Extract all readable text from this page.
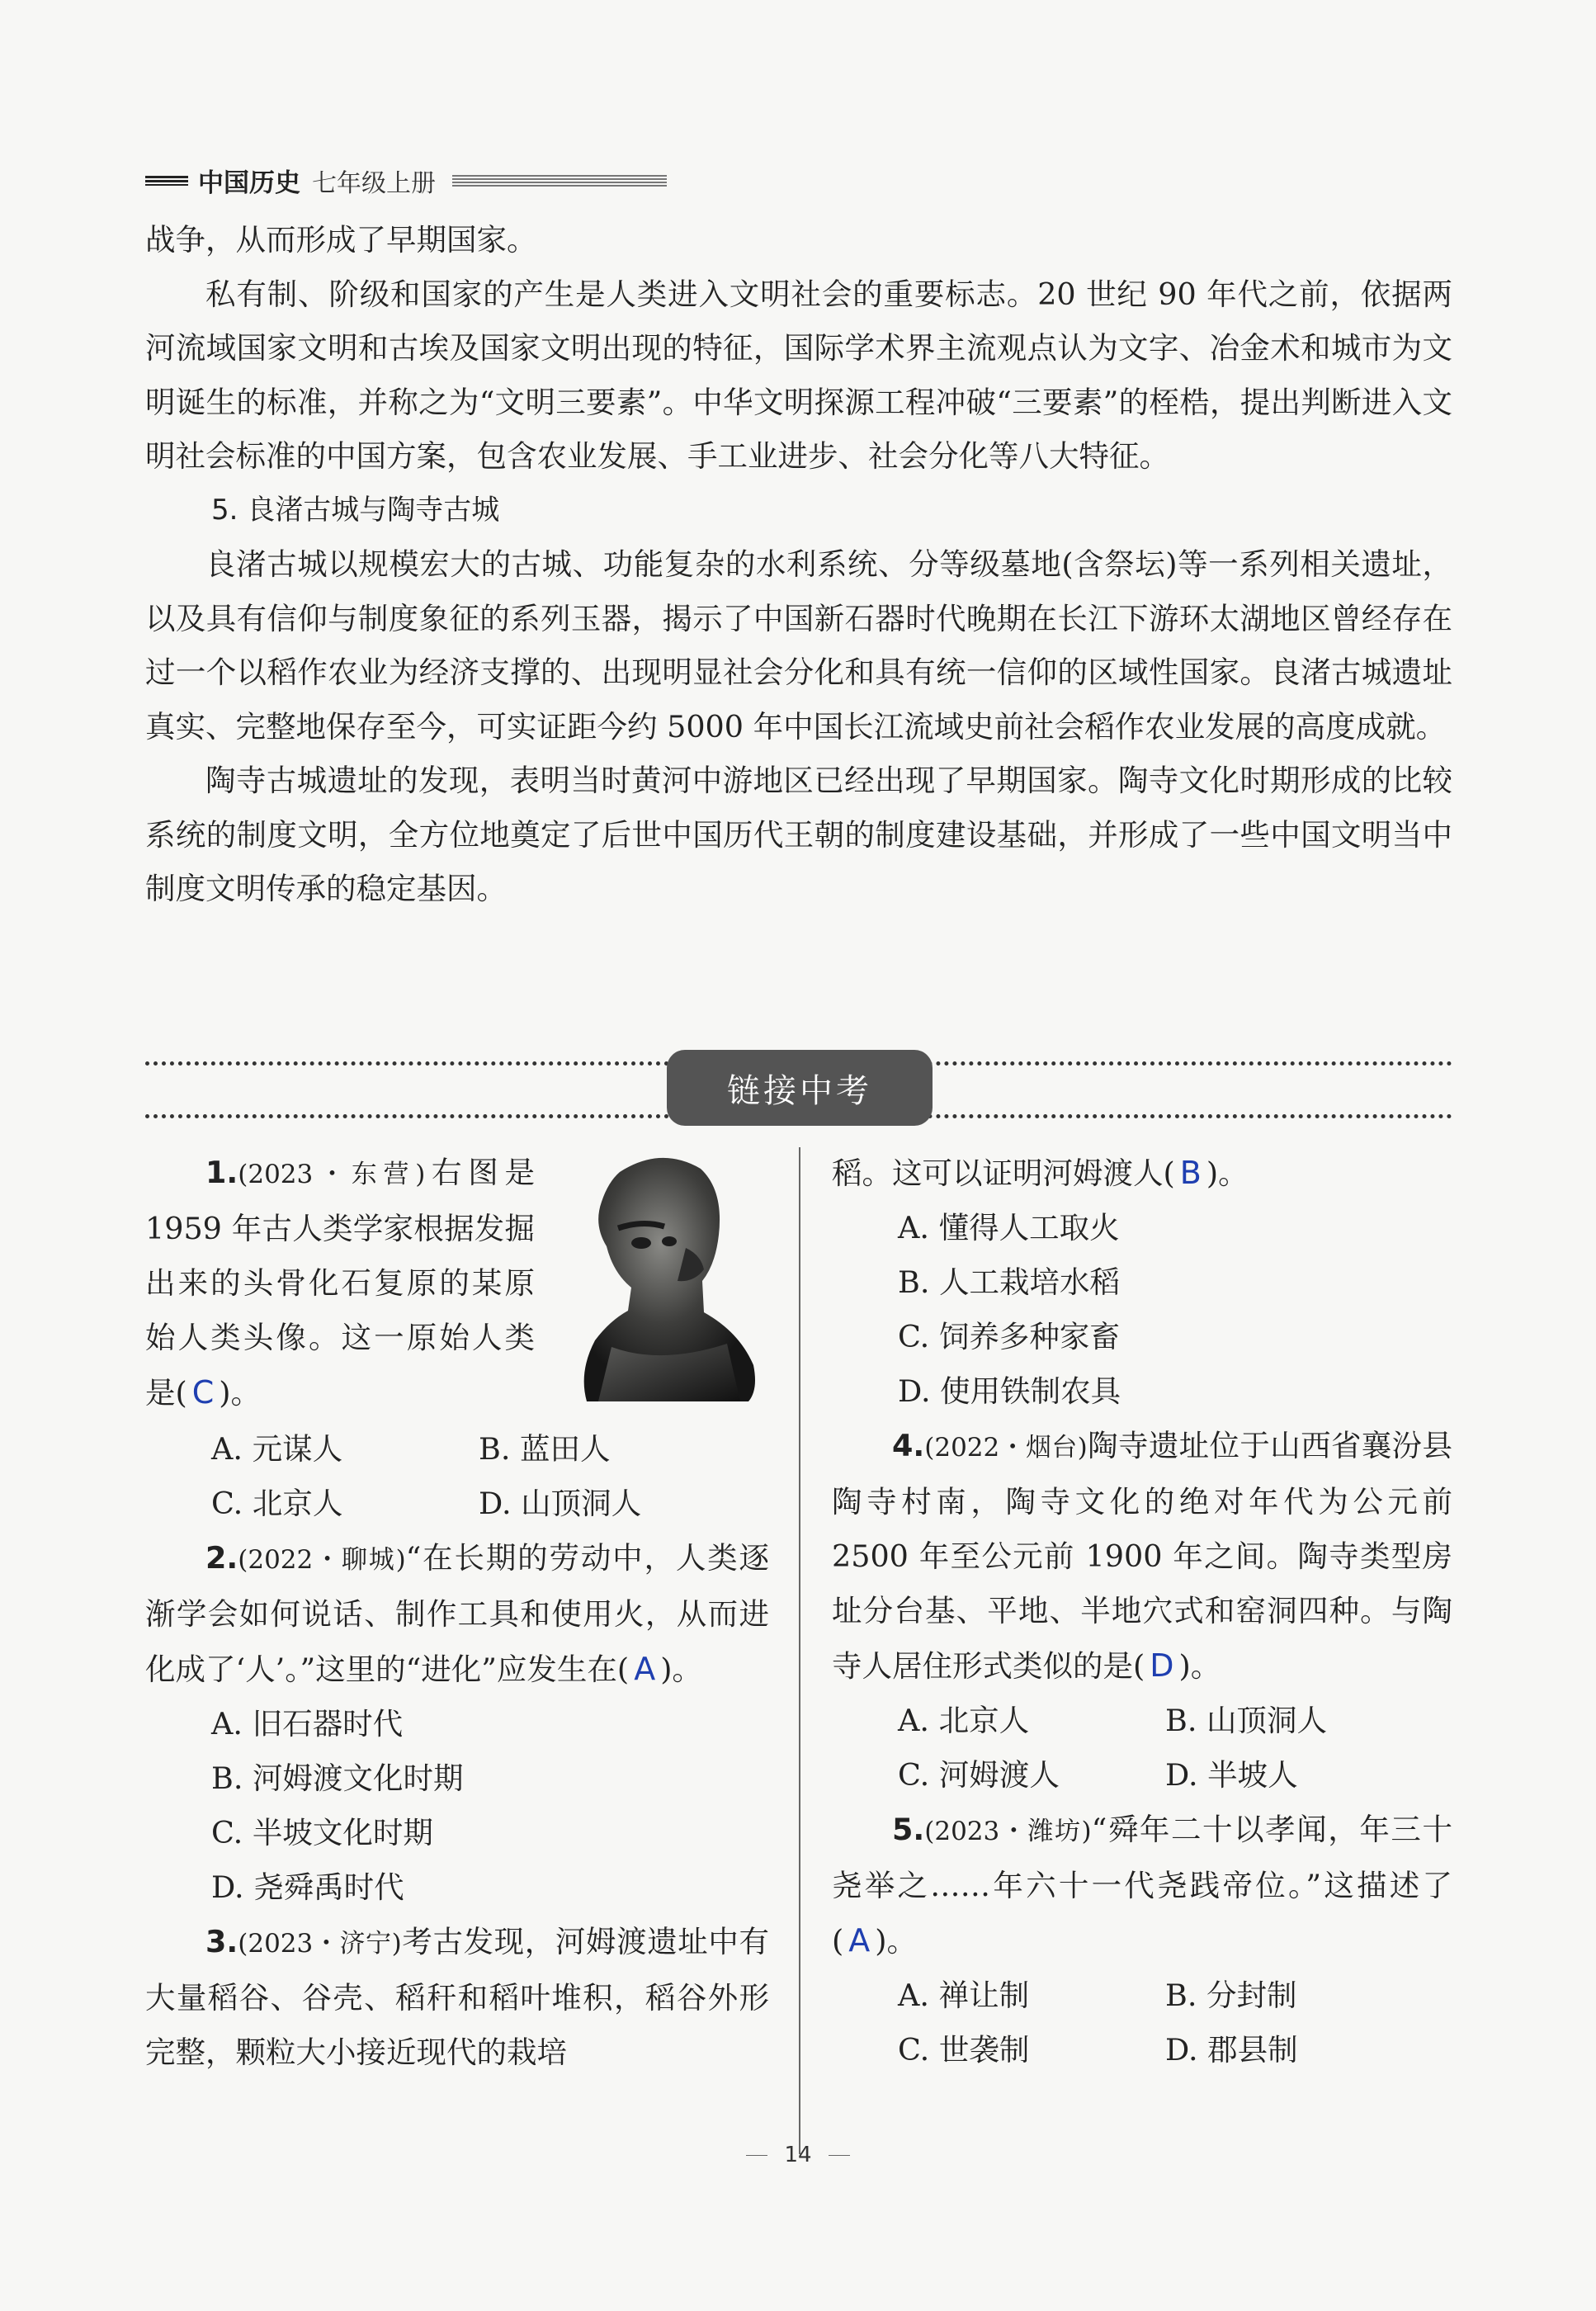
中国历史 七年级上册

战争，从而形成了早期国家。

私有制、阶级和国家的产生是人类进入文明社会的重要标志。20 世纪 90 年代之前，依据两河流域国家文明和古埃及国家文明出现的特征，国际学术界主流观点认为文字、冶金术和城市为文明诞生的标准，并称之为“文明三要素”。中华文明探源工程冲破“三要素”的桎梏，提出判断进入文明社会标准的中国方案，包含农业发展、手工业进步、社会分化等八大特征。

5. 良渚古城与陶寺古城

良渚古城以规模宏大的古城、功能复杂的水利系统、分等级墓地(含祭坛)等一系列相关遗址，以及具有信仰与制度象征的系列玉器，揭示了中国新石器时代晚期在长江下游环太湖地区曾经存在过一个以稻作农业为经济支撑的、出现明显社会分化和具有统一信仰的区域性国家。良渚古城遗址真实、完整地保存至今，可实证距今约 5000 年中国长江流域史前社会稻作农业发展的高度成就。

陶寺古城遗址的发现，表明当时黄河中游地区已经出现了早期国家。陶寺文化时期形成的比较系统的制度文明，全方位地奠定了后世中国历代王朝的制度建设基础，并形成了一些中国文明当中制度文明传承的稳定基因。

链接中考
1.(2023・东营)右图是 1959 年古人类学家根据发掘出来的头骨化石复原的某原始人类头像。这一原始人类是( C )。
A. 元谋人	B. 蓝田人
C. 北京人	D. 山顶洞人
2.(2022・聊城)“在长期的劳动中，人类逐渐学会如何说话、制作工具和使用火，从而进化成了‘人’。”这里的“进化”应发生在( A )。
A. 旧石器时代
B. 河姆渡文化时期
C. 半坡文化时期
D. 尧舜禹时代
3.(2023・济宁)考古发现，河姆渡遗址中有大量稻谷、谷壳、稻秆和稻叶堆积，稻谷外形完整，颗粒大小接近现代的栽培
稻。这可以证明河姆渡人( B )。
A. 懂得人工取火
B. 人工栽培水稻
C. 饲养多种家畜
D. 使用铁制农具
4.(2022・烟台)陶寺遗址位于山西省襄汾县陶寺村南，陶寺文化的绝对年代为公元前 2500 年至公元前 1900 年之间。陶寺类型房址分台基、平地、半地穴式和窑洞四种。与陶寺人居住形式类似的是( D )。
A. 北京人	B. 山顶洞人
C. 河姆渡人	D. 半坡人
5.(2023・潍坊)“舜年二十以孝闻，年三十尧举之……年六十一代尧践帝位。”这描述了( A )。
A. 禅让制	B. 分封制
C. 世袭制	D. 郡县制
14
